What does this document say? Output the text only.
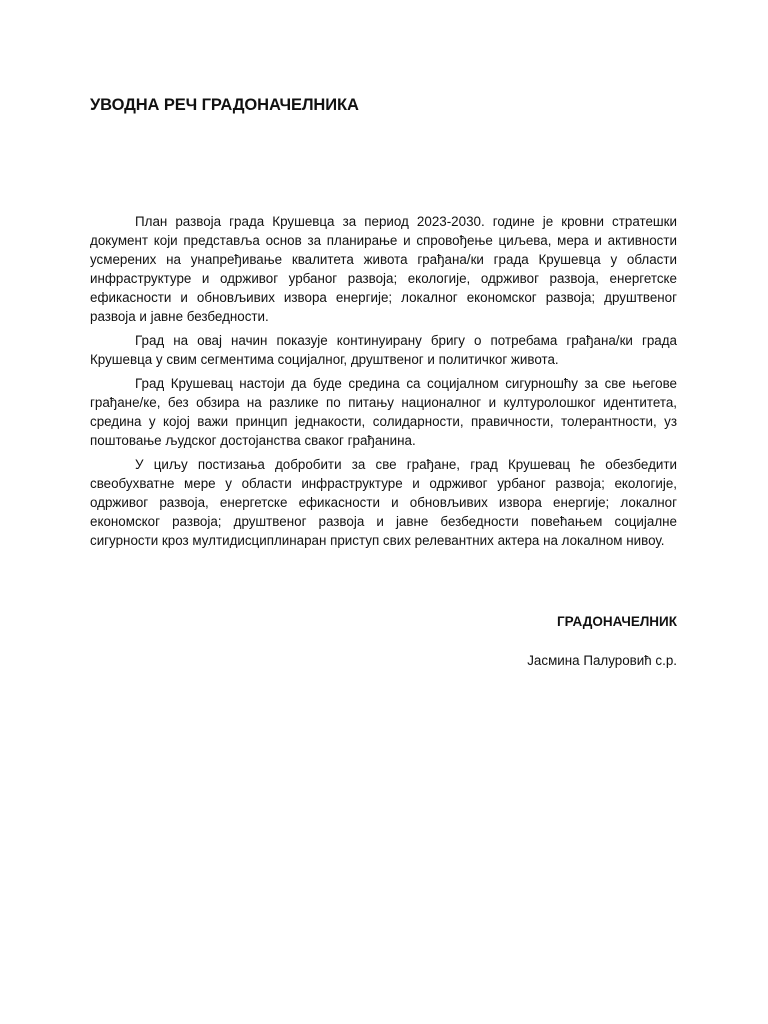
УВОДНА РЕЧ ГРАДОНАЧЕЛНИКА

План развоја града Крушевца за период 2023-2030. године је кровни стратешки документ који представља основ за планирање и спровођење циљева, мера и активности усмерених на унапређивање квалитета живота грађана/ки града Крушевца у области инфраструктуре и одрживог урбаног развоја; екологије, одрживог развоја, енергетске ефикасности и обновљивих извора енергије; локалног економског развоја; друштвеног развоја и јавне безбедности.

Град на овај начин показује континуирану бригу о потребама грађана/ки града Крушевца у свим сегментима социјалног, друштвеног и политичког живота.

Град Крушевац настоји да буде средина са социјалном сигурношћу за све његове грађане/ке, без обзира на разлике по питању националног и културолошког идентитета, средина у којој важи принцип једнакости, солидарности, правичности, толерантности, уз поштовање људског достојанства сваког грађанина.

У циљу постизања добробити за све грађане, град Крушевац ће обезбедити свеобухватне мере у области инфраструктуре и одрживог урбаног развоја; екологије, одрживог развоја, енергетске ефикасности и обновљивих извора енергије; локалног економског развоја; друштвеног развоја и јавне безбедности повећањем социјалне сигурности кроз мултидисциплинаран приступ свих релевантних актера на локалном нивоу.

ГРАДОНАЧЕЛНИК

Јасмина Палуровић с.р.
